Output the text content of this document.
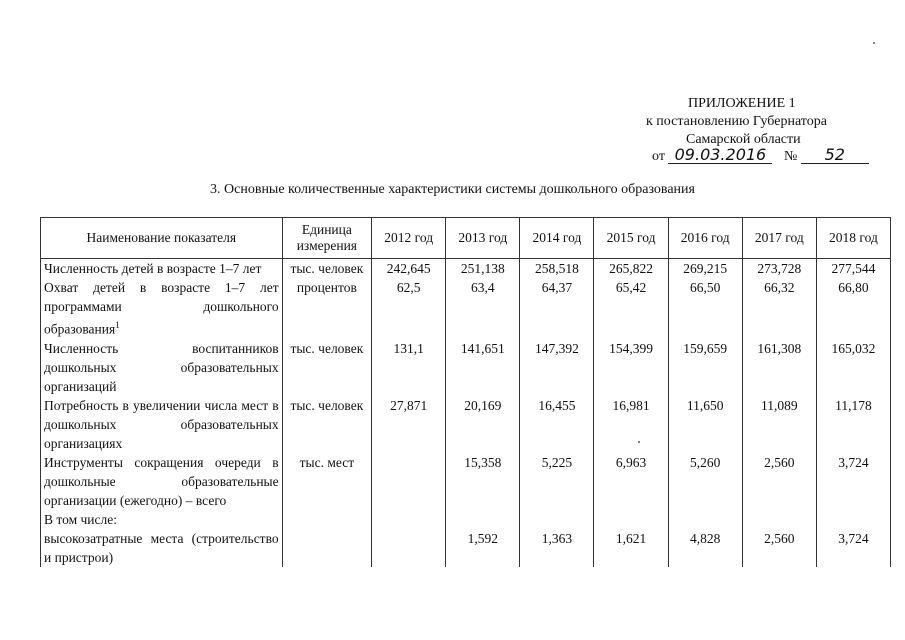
ПРИЛОЖЕНИЕ 1
к постановлению Губернатора
Самарской области
от 09.03.2016 № 52
3. Основные количественные характеристики системы дошкольного образования
Наименование показателя	Единица измерения	2012 год	2013 год	2014 год	2015 год	2016 год	2017 год	2018 год
Численность детей в возрасте 1–7 лет	тыс. человек	242,645	251,138	258,518	265,822	269,215	273,728	277,544
Охват детей в возрасте 1–7 лет программами дошкольного образования$^1$	процентов	62,5	63,4	64,37	65,42	66,50	66,32	66,80
Численность воспитанников дошкольных образовательных организаций	тыс. человек	131,1	141,651	147,392	154,399	159,659	161,308	165,032
Потребность в увеличении числа мест в дошкольных образовательных организациях	тыс. человек	27,871	20,169	16,455	16,981	11,650	11,089	11,178
Инструменты сокращения очереди в дошкольные образовательные организации (ежегодно) – всего	тыс. мест		15,358	5,225	6,963	5,260	2,560	3,724
В том числе:								
высокозатратные места (строительство и пристрои)			1,592	1,363	1,621	4,828	2,560	3,724
